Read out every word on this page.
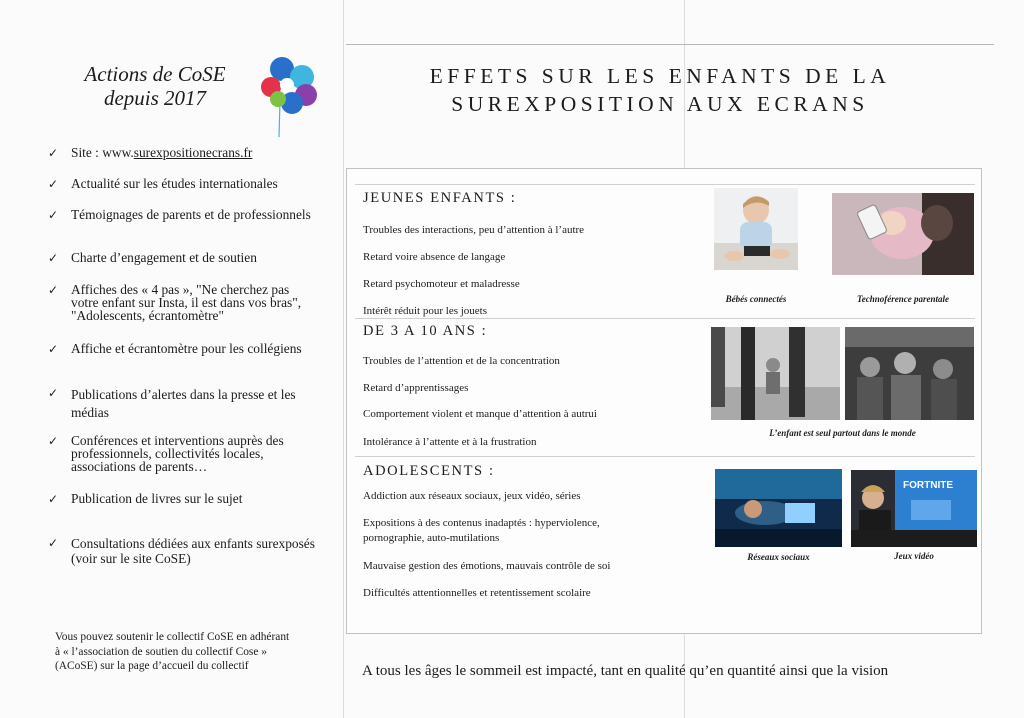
Actions de CoSE
depuis 2017
✓ Site : www.surexpositionecrans.fr
✓ Actualité sur les études internationales
✓ Témoignages de parents et de professionnels
✓ Charte d’engagement et de soutien
✓ Affiches des « 4 pas », "Ne cherchez pas votre enfant sur Insta, il est dans vos bras", "Adolescents, écrantomètre"
✓ Affiche et écrantomètre pour les collégiens
✓ Publications d’alertes dans la presse et les médias
✓ Conférences et interventions auprès des professionnels, collectivités locales, associations de parents…
✓ Publication de livres sur le sujet
✓ Consultations dédiées aux enfants surexposés (voir sur le site CoSE)
Vous pouvez soutenir le collectif CoSE en adhérant à « l’association de soutien du collectif Cose » (ACoSE) sur la page d’accueil du collectif
EFFETS SUR LES ENFANTS DE LA
SUREXPOSITION AUX ECRANS
JEUNES ENFANTS :
Troubles des interactions, peu d’attention à l’autre
Retard voire absence de langage
Retard psychomoteur et maladresse
Intérêt réduit pour les jouets
DE 3 A 10 ANS :
Troubles de l’attention et de la concentration
Retard d’apprentissages
Comportement violent et manque d’attention à autrui
Intolérance à l’attente et à la frustration
ADOLESCENTS :
Addiction aux réseaux sociaux, jeux vidéo, séries
Expositions à des contenus inadaptés : hyperviolence, pornographie, auto-mutilations
Mauvaise gestion des émotions, mauvais contrôle de soi
Difficultés attentionnelles et retentissement scolaire
Bébés connectés	Technoférence parentale
L’enfant est seul partout dans le monde
Réseaux sociaux
FORTNITE
Jeux vidéo
A tous les âges le sommeil est impacté, tant en qualité qu’en quantité ainsi que la vision
